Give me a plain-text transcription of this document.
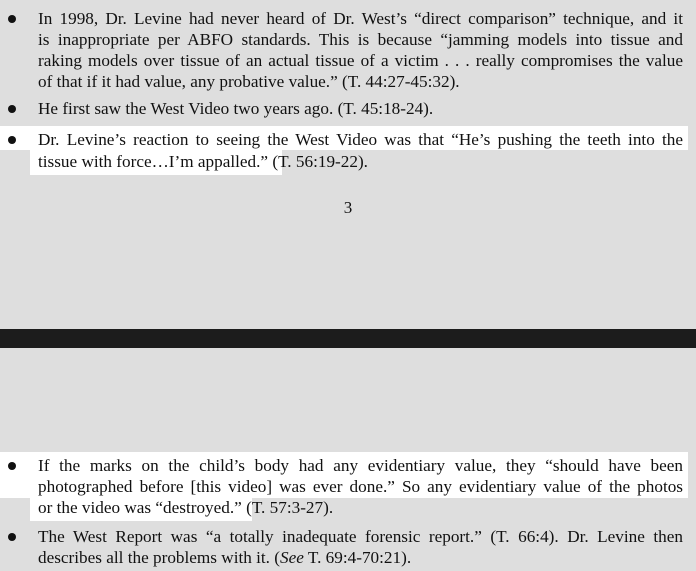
In 1998, Dr. Levine had never heard of Dr. West’s “direct comparison” technique, and it
is inappropriate per ABFO standards. This is because “jamming models into tissue and
raking models over tissue of an actual tissue of a victim . . . really compromises the value
of that if it had value, any probative value.” (T. 44:27-45:32).
He first saw the West Video two years ago. (T. 45:18-24).
Dr. Levine’s reaction to seeing the West Video was that “He’s pushing the teeth into the
tissue with force…I’m appalled.” (T. 56:19-22).
3
If the marks on the child’s body had any evidentiary value, they “should have been
photographed before [this video] was ever done.” So any evidentiary value of the photos
or the video was “destroyed.” (T. 57:3-27).
The West Report was “a totally inadequate forensic report.” (T. 66:4). Dr. Levine then
describes all the problems with it. (See T. 69:4-70:21).
